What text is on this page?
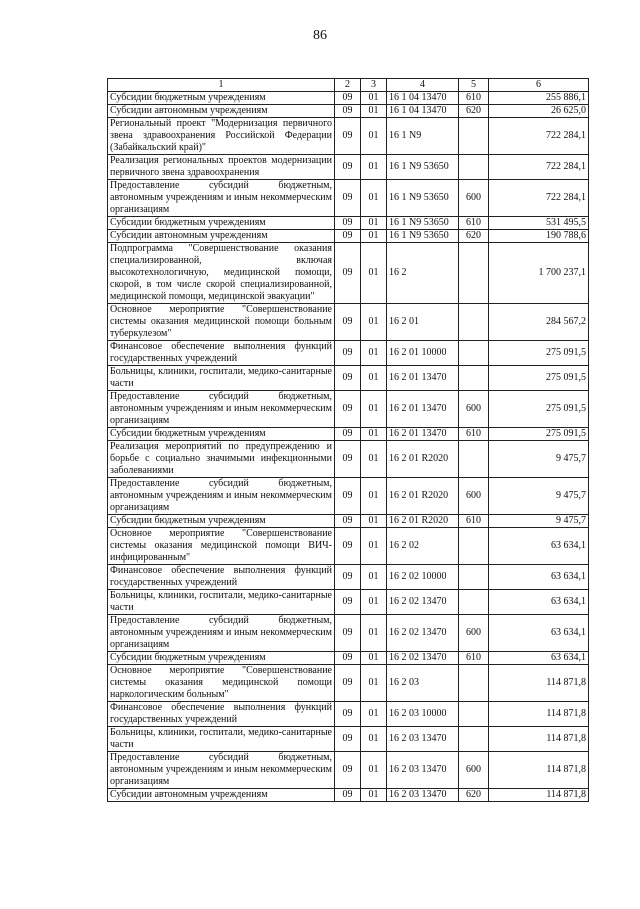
86
1	2	3	4	5	6
Субсидии бюджетным учреждениям	09	01	16 1 04 13470	610	255 886,1
Субсидии автономным учреждениям	09	01	16 1 04 13470	620	26 625,0
Региональный проект "Модернизация первичного звена здравоохранения Российской Федерации (Забайкальский край)"	09	01	16 1 N9		722 284,1
Реализация региональных проектов модернизации первичного звена здравоохранения	09	01	16 1 N9 53650		722 284,1
Предоставление субсидий бюджетным, автономным учреждениям и иным некоммерческим организациям	09	01	16 1 N9 53650	600	722 284,1
Субсидии бюджетным учреждениям	09	01	16 1 N9 53650	610	531 495,5
Субсидии автономным учреждениям	09	01	16 1 N9 53650	620	190 788,6
Подпрограмма "Совершенствование оказания специализированной, включая высокотехнологичную, медицинской помощи, скорой, в том числе скорой специализированной, медицинской помощи, медицинской эвакуации"	09	01	16 2		1 700 237,1
Основное мероприятие "Совершенствование системы оказания медицинской помощи больным туберкулезом"	09	01	16 2 01		284 567,2
Финансовое обеспечение выполнения функций государственных учреждений	09	01	16 2 01 10000		275 091,5
Больницы, клиники, госпитали, медико-санитарные части	09	01	16 2 01 13470		275 091,5
Предоставление субсидий бюджетным, автономным учреждениям и иным некоммерческим организациям	09	01	16 2 01 13470	600	275 091,5
Субсидии бюджетным учреждениям	09	01	16 2 01 13470	610	275 091,5
Реализация мероприятий по предупреждению и борьбе с социально значимыми инфекционными заболеваниями	09	01	16 2 01 R2020		9 475,7
Предоставление субсидий бюджетным, автономным учреждениям и иным некоммерческим организациям	09	01	16 2 01 R2020	600	9 475,7
Субсидии бюджетным учреждениям	09	01	16 2 01 R2020	610	9 475,7
Основное мероприятие "Совершенствование системы оказания медицинской помощи ВИЧ-инфицированным"	09	01	16 2 02		63 634,1
Финансовое обеспечение выполнения функций государственных учреждений	09	01	16 2 02 10000		63 634,1
Больницы, клиники, госпитали, медико-санитарные части	09	01	16 2 02 13470		63 634,1
Предоставление субсидий бюджетным, автономным учреждениям и иным некоммерческим организациям	09	01	16 2 02 13470	600	63 634,1
Субсидии бюджетным учреждениям	09	01	16 2 02 13470	610	63 634,1
Основное мероприятие "Совершенствование системы оказания медицинской помощи наркологическим больным"	09	01	16 2 03		114 871,8
Финансовое обеспечение выполнения функций государственных учреждений	09	01	16 2 03 10000		114 871,8
Больницы, клиники, госпитали, медико-санитарные части	09	01	16 2 03 13470		114 871,8
Предоставление субсидий бюджетным, автономным учреждениям и иным некоммерческим организациям	09	01	16 2 03 13470	600	114 871,8
Субсидии автономным учреждениям	09	01	16 2 03 13470	620	114 871,8
